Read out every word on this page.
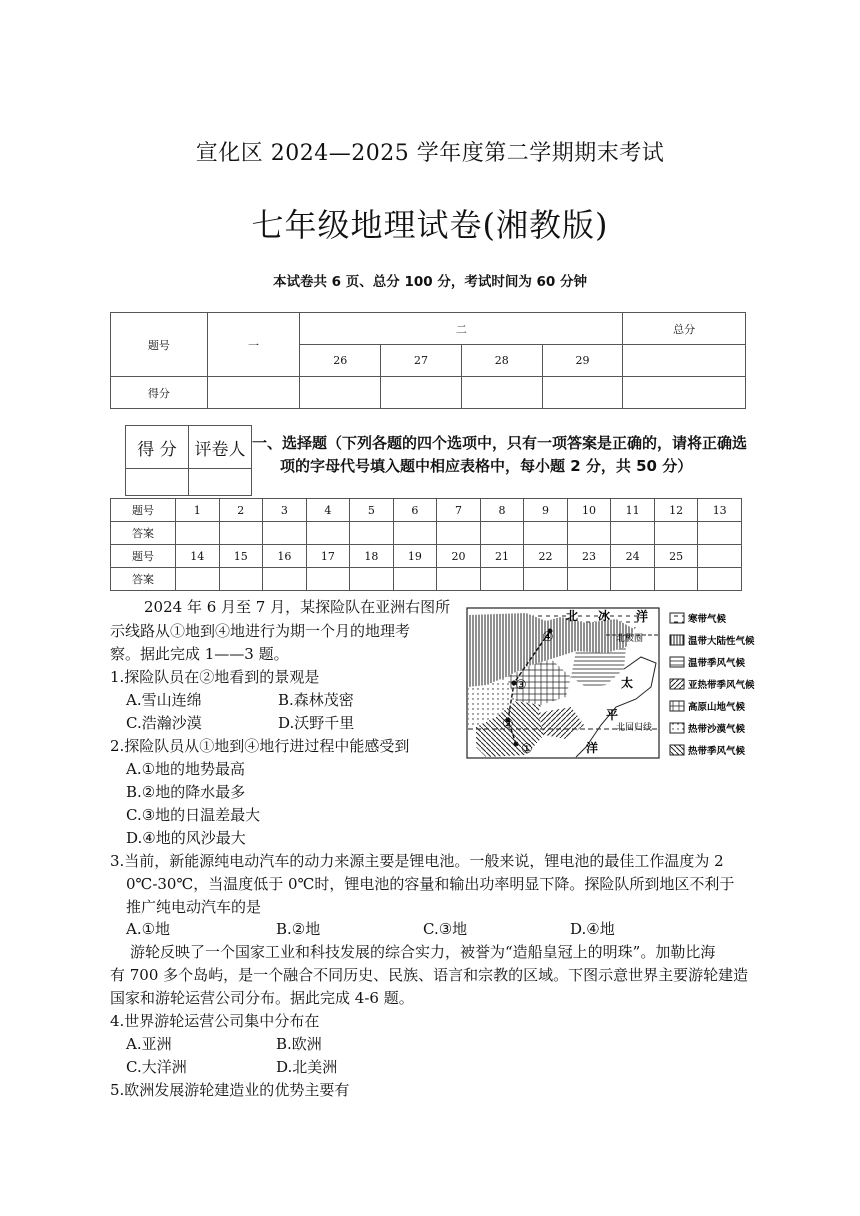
宣化区 2024—2025 学年度第二学期期末考试
七年级地理试卷(湘教版)
本试卷共 6 页、总分 100 分，考试时间为 60 分钟
题号	一	二				总分
		26	27	28	29	
得分						
得 分	评卷人
	一、选择题（下列各题的四个选项中，只有一项答案是正确的，请将正确选
项的字母代号填入题中相应表格中，每小题 2 分，共 50 分）
题号	1	2	3	4	5	6	7	8	9	10	11	12	13
答案													
题号	14	15	16	17	18	19	20	21	22	23	24	25	
答案													
2024 年 6 月至 7 月，某探险队在亚洲右图所
示线路从①地到④地进行为期一个月的地理考
察。据此完成 1——3 题。
1.探险队员在②地看到的景观是
A.雪山连绵	B.森林茂密
C.浩瀚沙漠	D.沃野千里
2.探险队员从①地到④地行进过程中能感受到
A.①地的地势最高
B.②地的降水最多
C.③地的日温差最大
D.④地的风沙最大
①
②
③
④
北 冰 洋
北极圈
太
平
北回归线
洋
寒带气候
温带大陆性气候
温带季风气候
亚热带季风气候
高原山地气候
热带沙漠气候
热带季风气候
3.当前，新能源纯电动汽车的动力来源主要是锂电池。一般来说，锂电池的最佳工作温度为 2
0℃-30℃，当温度低于 0℃时，锂电池的容量和输出功率明显下降。探险队所到地区不利于
推广纯电动汽车的是
A.①地	B.②地	C.③地	D.④地
游轮反映了一个国家工业和科技发展的综合实力，被誉为“造船皇冠上的明珠”。加勒比海
有 700 多个岛屿，是一个融合不同历史、民族、语言和宗教的区域。下图示意世界主要游轮建造
国家和游轮运营公司分布。据此完成 4-6 题。
4.世界游轮运营公司集中分布在
A.亚洲	B.欧洲
C.大洋洲	D.北美洲
5.欧洲发展游轮建造业的优势主要有
